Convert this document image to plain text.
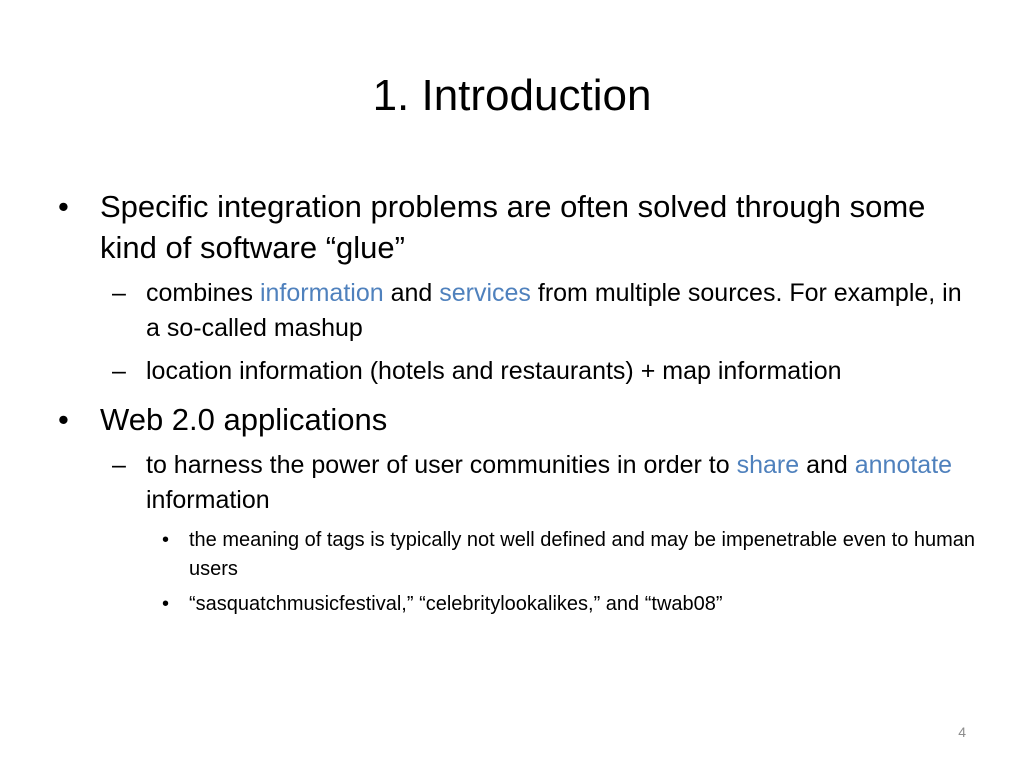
1. Introduction
• Specific integration problems are often solved through some kind of software “glue”
– combines information and services from multiple sources. For example, in a so-called mashup
– location information (hotels and restaurants) + map information
• Web 2.0 applications
– to harness the power of user communities in order to share and annotate information
• the meaning of tags is typically not well defined and may be impenetrable even to human users
• “sasquatchmusicfestival,” “celebritylookalikes,” and “twab08”
4
